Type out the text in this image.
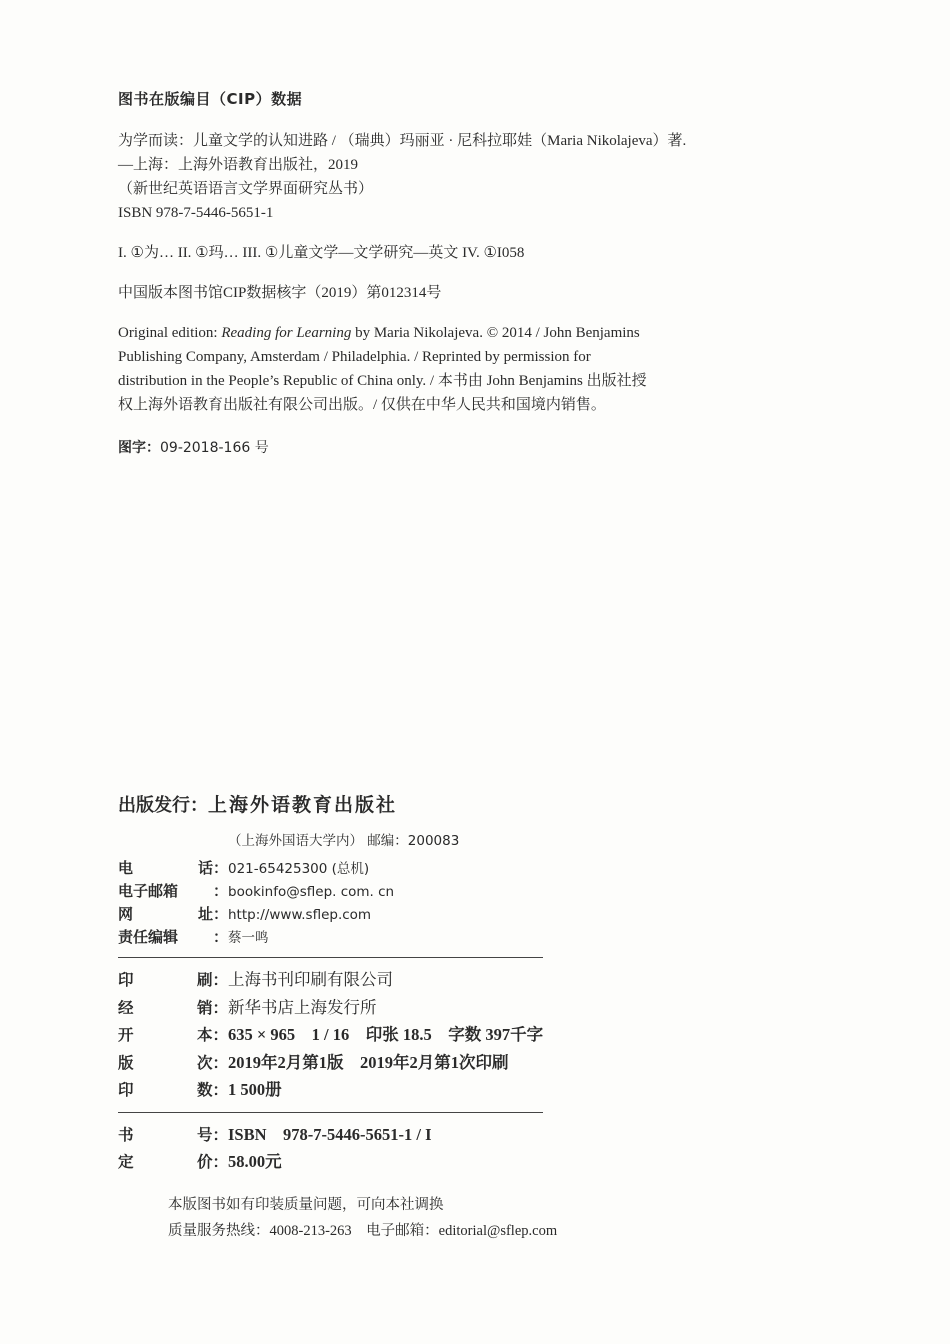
图书在版编目（CIP）数据

为学而读：儿童文学的认知进路 / （瑞典）玛丽亚 · 尼科拉耶娃（Maria Nikolajeva）著.

—上海：上海外语教育出版社，2019

（新世纪英语语言文学界面研究丛书）

ISBN 978-7-5446-5651-1

I. ①为… II. ①玛… III. ①儿童文学—文学研究—英文 IV. ①I058

中国版本图书馆CIP数据核字（2019）第012314号

Original edition: Reading for Learning by Maria Nikolajeva. © 2014 / John Benjamins

Publishing Company, Amsterdam / Philadelphia. / Reprinted by permission for

distribution in the People’s Republic of China only. / 本书由 John Benjamins 出版社授

权上海外语教育出版社有限公司出版。/ 仅供在中华人民共和国境内销售。

图字：09-2018-166 号

出版发行： 上海外语教育出版社

（上海外国语大学内） 邮编：200083

电	话： 021-65425300 (总机)
电子邮箱 ： bookinfo@sflep. com. cn
网	址： http://www.sflep.com
责任编辑 ： 蔡一鸣
印	刷： 上海书刊印刷有限公司
经	销： 新华书店上海发行所
开	本： 635 × 965　1 / 16　印张 18.5　字数 397千字
版	次： 2019年2月第1版　2019年2月第1次印刷
印	数： 1 500册
书	号： ISBN　978-7-5446-5651-1 / I
定	价： 58.00元

本版图书如有印装质量问题，可向本社调换

质量服务热线：4008-213-263　电子邮箱：editorial@sflep.com
